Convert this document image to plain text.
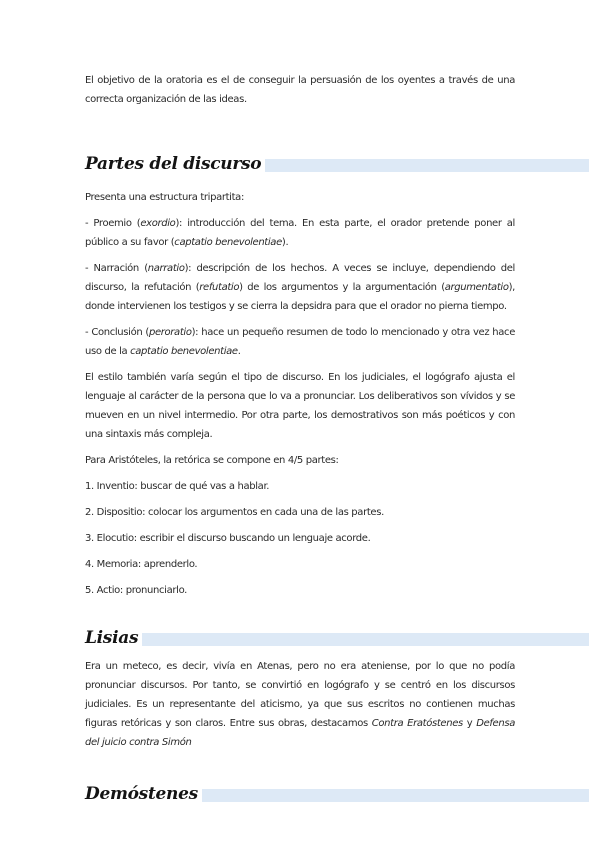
El objetivo de la oratoria es el de conseguir la persuasión de los oyentes a través de una correcta organización de las ideas.

Partes del discurso

Presenta una estructura tripartita:

- Proemio (exordio): introducción del tema. En esta parte, el orador pretende poner al público a su favor (captatio benevolentiae).

- Narración (narratio): descripción de los hechos. A veces se incluye, dependiendo del discurso, la refutación (refutatio) de los argumentos y la argumentación (argumentatio), donde intervienen los testigos y se cierra la depsidra para que el orador no pierna tiempo.

- Conclusión (peroratio): hace un pequeño resumen de todo lo mencionado y otra vez hace uso de la captatio benevolentiae.

El estilo también varía según el tipo de discurso. En los judiciales, el logógrafo ajusta el lenguaje al carácter de la persona que lo va a pronunciar. Los deliberativos son vívidos y se mueven en un nivel intermedio. Por otra parte, los demostrativos son más poéticos y con una sintaxis más compleja.

Para Aristóteles, la retórica se compone en 4/5 partes:

1. Inventio: buscar de qué vas a hablar.

2. Dispositio: colocar los argumentos en cada una de las partes.

3. Elocutio: escribir el discurso buscando un lenguaje acorde.

4. Memoria: aprenderlo.

5. Actio: pronunciarlo.

Lisias

Era un meteco, es decir, vivía en Atenas, pero no era ateniense, por lo que no podía pronunciar discursos. Por tanto, se convirtió en logógrafo y se centró en los discursos judiciales. Es un representante del aticismo, ya que sus escritos no contienen muchas figuras retóricas y son claros. Entre sus obras, destacamos Contra Eratóstenes y Defensa del juicio contra Simón

Demóstenes
